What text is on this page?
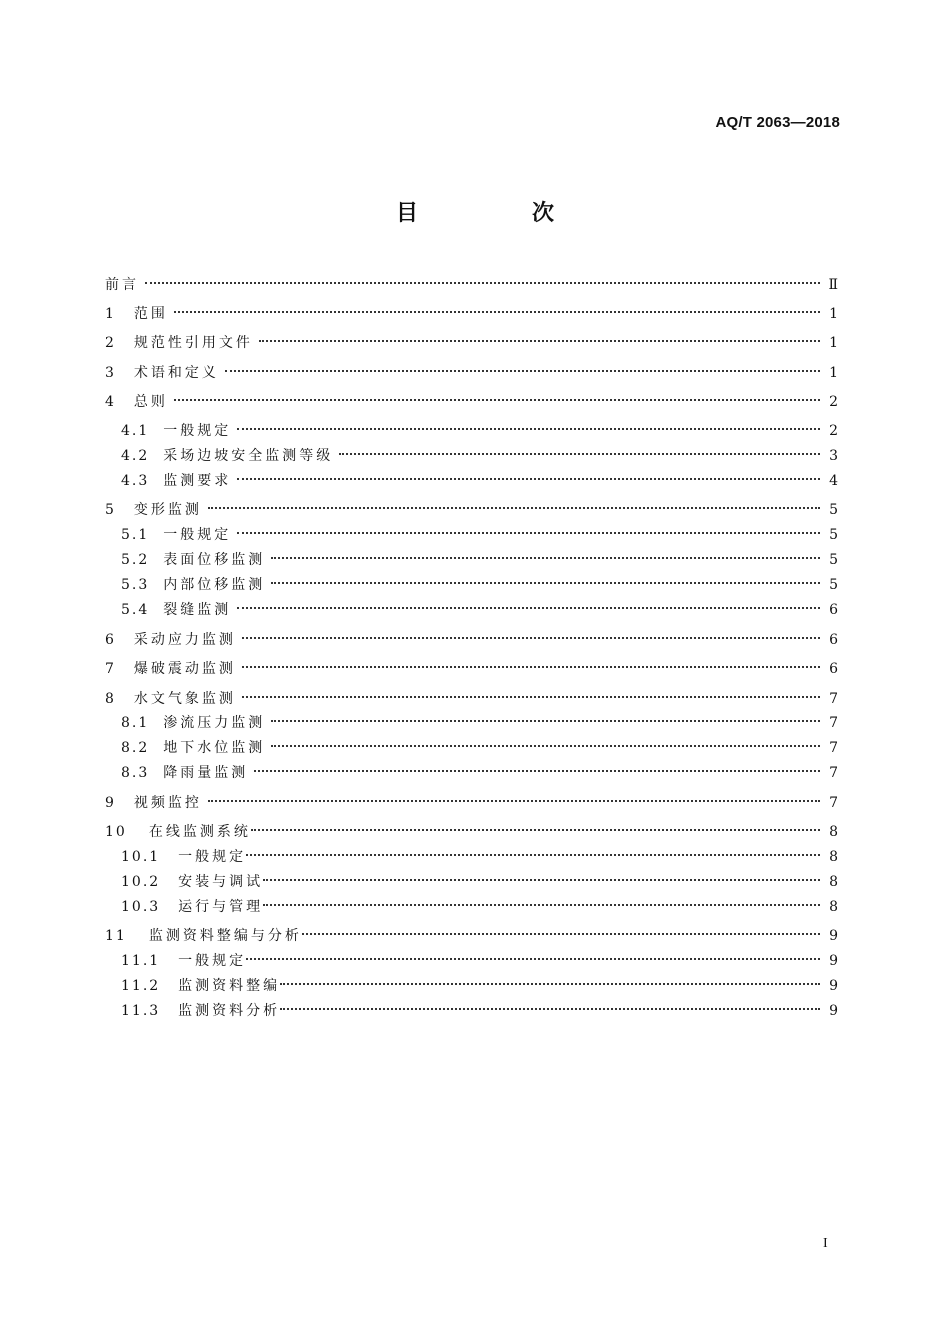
AQ/T 2063—2018
目　次
前言	Ⅱ
1 范围	1
2 规范性引用文件	1
3 术语和定义	1
4 总则	2
4.1 一般规定	2
4.2 采场边坡安全监测等级	3
4.3 监测要求	4
5 变形监测	5
5.1 一般规定	5
5.2 表面位移监测	5
5.3 内部位移监测	5
5.4 裂缝监测	6
6 采动应力监测	6
7 爆破震动监测	6
8 水文气象监测	7
8.1 渗流压力监测	7
8.2 地下水位监测	7
8.3 降雨量监测	7
9 视频监控	7
10 在线监测系统	8
10.1 一般规定	8
10.2 安装与调试	8
10.3 运行与管理	8
11 监测资料整编与分析	9
11.1 一般规定	9
11.2 监测资料整编	9
11.3 监测资料分析	9
I
